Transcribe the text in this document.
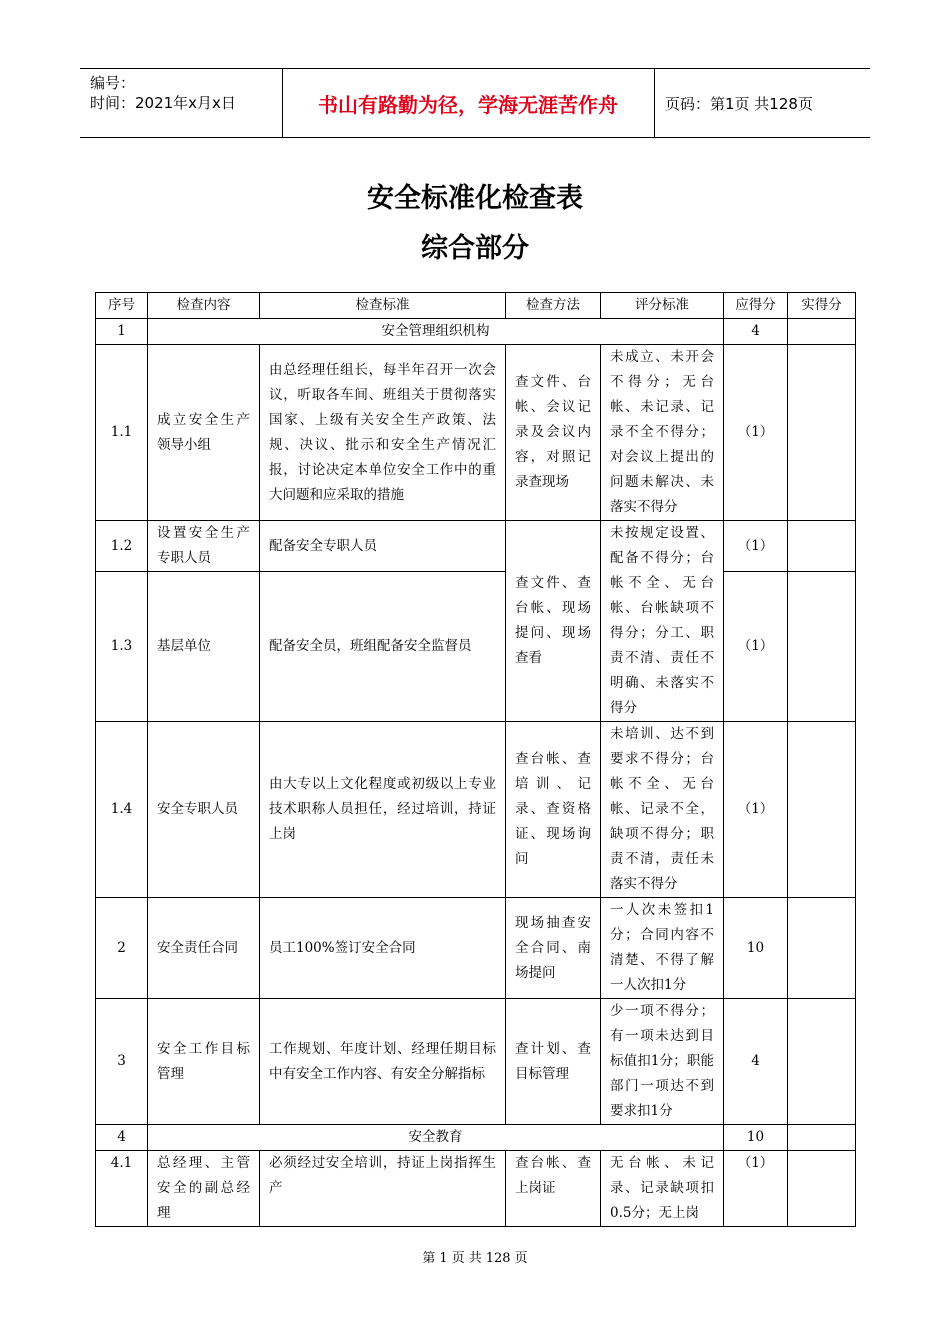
编号：
时间：2021年x月x日	书山有路勤为径，学海无涯苦作舟	页码：第1页 共128页
安全标准化检查表
综合部分
序号	检查内容	检查标准	检查方法	评分标准	应得分	实得分
1	安全管理组织机构				4	
1.1	成立安全生产领导小组	由总经理任组长，每半年召开一次会议，听取各车间、班组关于贯彻落实国家、上级有关安全生产政策、法规、决议、批示和安全生产情况汇报，讨论决定本单位安全工作中的重大问题和应采取的措施	查文件、台帐、会议记录及会议内容，对照记录查现场	未成立、未开会不得分；无台帐、未记录、记录不全不得分；对会议上提出的问题未解决、未落实不得分	（1）	
1.2	设置安全生产专职人员	配备安全专职人员	查文件、查台帐、现场提问、现场查看	未按规定设置、配备不得分；台帐不全、无台帐、台帐缺项不得分；分工、职责不清、责任不明确、未落实不得分	（1）	
1.3	基层单位	配备安全员，班组配备安全监督员			（1）	
1.4	安全专职人员	由大专以上文化程度或初级以上专业技术职称人员担任，经过培训，持证上岗	查台帐、查培训、记录、查资格证、现场询问	未培训、达不到要求不得分；台帐不全、无台帐、记录不全，缺项不得分；职责不清，责任未落实不得分	（1）	
2	安全责任合同	员工100%签订安全合同	现场抽查安全合同、南场提问	一人次未签扣1分；合同内容不清楚、不得了解一人次扣1分	10	
3	安全工作目标管理	工作规划、年度计划、经理任期目标中有安全工作内容、有安全分解指标	查计划、查目标管理	少一项不得分；有一项未达到目标值扣1分；职能部门一项达不到要求扣1分	4	
4	安全教育				10	
4.1	总经理、主管安全的副总经理	必须经过安全培训，持证上岗指挥生产	查台帐、查上岗证	无台帐、未记录、记录缺项扣0.5分；无上岗	（1）	
第 1 页 共 128 页
